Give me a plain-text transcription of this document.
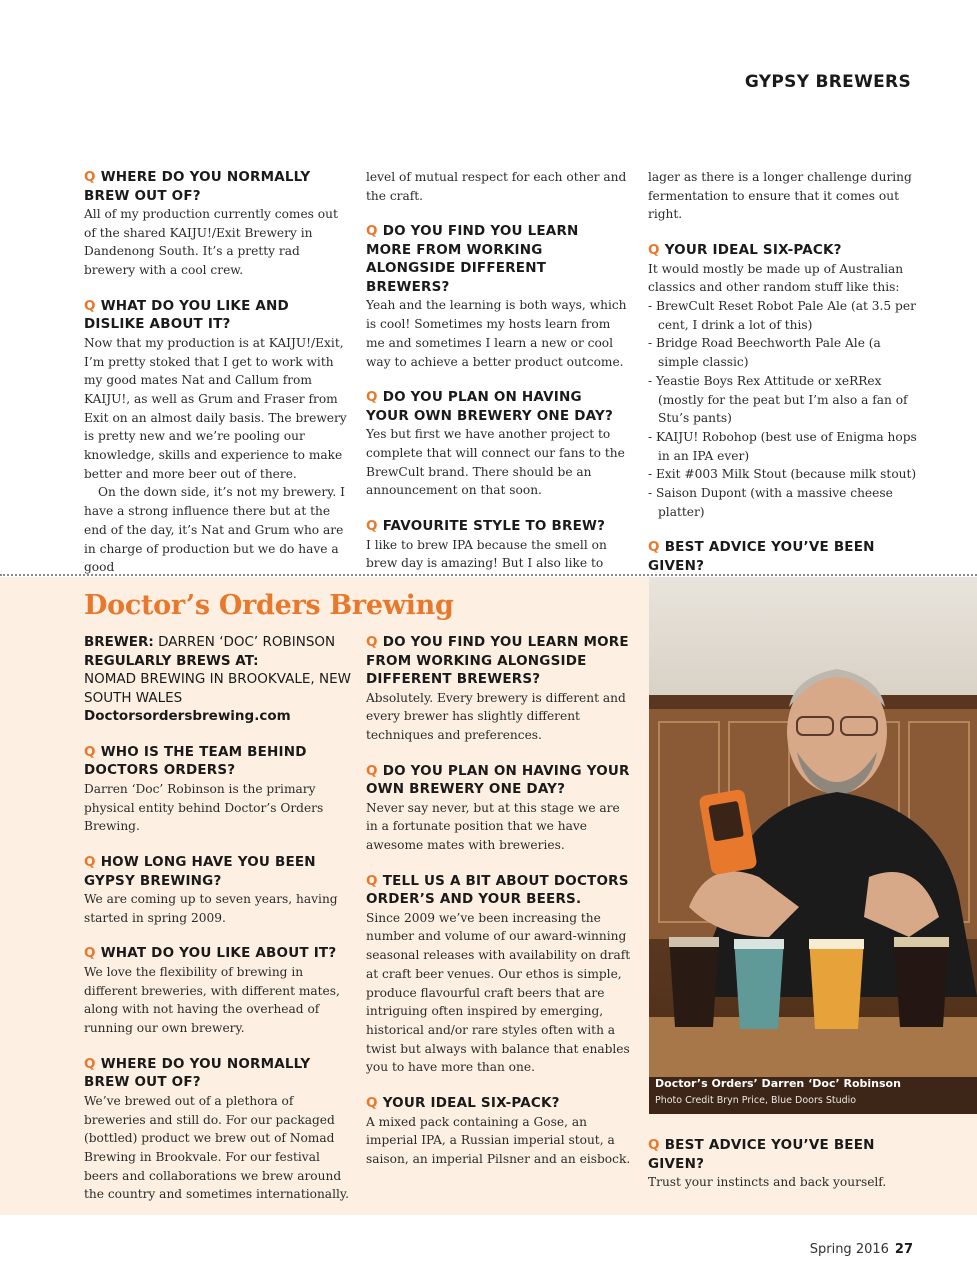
GYPSY BREWERS
Q WHERE DO YOU NORMALLY BREW OUT OF?
All of my production currently comes out of the shared KAIJU!/Exit Brewery in Dandenong South. It’s a pretty rad brewery with a cool crew.
Q WHAT DO YOU LIKE AND DISLIKE ABOUT IT?
Now that my production is at KAIJU!/Exit, I’m pretty stoked that I get to work with my good mates Nat and Callum from KAIJU!, as well as Grum and Fraser from Exit on an almost daily basis. The brewery is pretty new and we’re pooling our knowledge, skills and experience to make better and more beer out of there.
On the down side, it’s not my brewery. I have a strong influence there but at the end of the day, it’s Nat and Grum who are in charge of production but we do have a good
level of mutual respect for each other and the craft.
Q DO YOU FIND YOU LEARN MORE FROM WORKING ALONGSIDE DIFFERENT BREWERS?
Yeah and the learning is both ways, which is cool! Sometimes my hosts learn from me and sometimes I learn a new or cool way to achieve a better product outcome.
Q DO YOU PLAN ON HAVING YOUR OWN BREWERY ONE DAY?
Yes but first we have another project to complete that will connect our fans to the BrewCult brand. There should be an announcement on that soon.
Q FAVOURITE STYLE TO BREW?
I like to brew IPA because the smell on brew day is amazing! But I also like to
lager as there is a longer challenge during fermentation to ensure that it comes out right.
Q YOUR IDEAL SIX-PACK?
It would mostly be made up of Australian classics and other random stuff like this:
- BrewCult Reset Robot Pale Ale (at 3.5 per cent, I drink a lot of this)
- Bridge Road Beechworth Pale Ale (a simple classic)
- Yeastie Boys Rex Attitude or xeRRex (mostly for the peat but I’m also a fan of Stu’s pants)
- KAIJU! Robohop (best use of Enigma hops in an IPA ever)
- Exit #003 Milk Stout (because milk stout)
- Saison Dupont (with a massive cheese platter)
Q BEST ADVICE YOU’VE BEEN GIVEN?
Doctor’s Orders Brewing
BREWER: DARREN ‘DOC’ ROBINSON
REGULARLY BREWS AT:
NOMAD BREWING IN BROOKVALE, NEW SOUTH WALES
Doctorsordersbrewing.com
Q WHO IS THE TEAM BEHIND DOCTORS ORDERS?
Darren ‘Doc’ Robinson is the primary physical entity behind Doctor’s Orders Brewing.
Q HOW LONG HAVE YOU BEEN GYPSY BREWING?
We are coming up to seven years, having started in spring 2009.
Q WHAT DO YOU LIKE ABOUT IT?
We love the flexibility of brewing in different breweries, with different mates, along with not having the overhead of running our own brewery.
Q WHERE DO YOU NORMALLY BREW OUT OF?
We’ve brewed out of a plethora of breweries and still do. For our packaged (bottled) product we brew out of Nomad Brewing in Brookvale. For our festival beers and collaborations we brew around the country and sometimes internationally.
Q DO YOU FIND YOU LEARN MORE FROM WORKING ALONGSIDE DIFFERENT BREWERS?
Absolutely. Every brewery is different and every brewer has slightly different techniques and preferences.
Q DO YOU PLAN ON HAVING YOUR OWN BREWERY ONE DAY?
Never say never, but at this stage we are in a fortunate position that we have awesome mates with breweries.
Q TELL US A BIT ABOUT DOCTORS ORDER’S AND YOUR BEERS.
Since 2009 we’ve been increasing the number and volume of our award-winning seasonal releases with availability on draft at craft beer venues. Our ethos is simple, produce flavourful craft beers that are intriguing often inspired by emerging, historical and/or rare styles often with a twist but always with balance that enables you to have more than one.
Q YOUR IDEAL SIX-PACK?
A mixed pack containing a Gose, an imperial IPA, a Russian imperial stout, a saison, an imperial Pilsner and an eisbock.
Doctor’s Orders’ Darren ‘Doc’ Robinson
Photo Credit Bryn Price, Blue Doors Studio
Q BEST ADVICE YOU’VE BEEN GIVEN?
Trust your instincts and back yourself.
Spring 2016 27
